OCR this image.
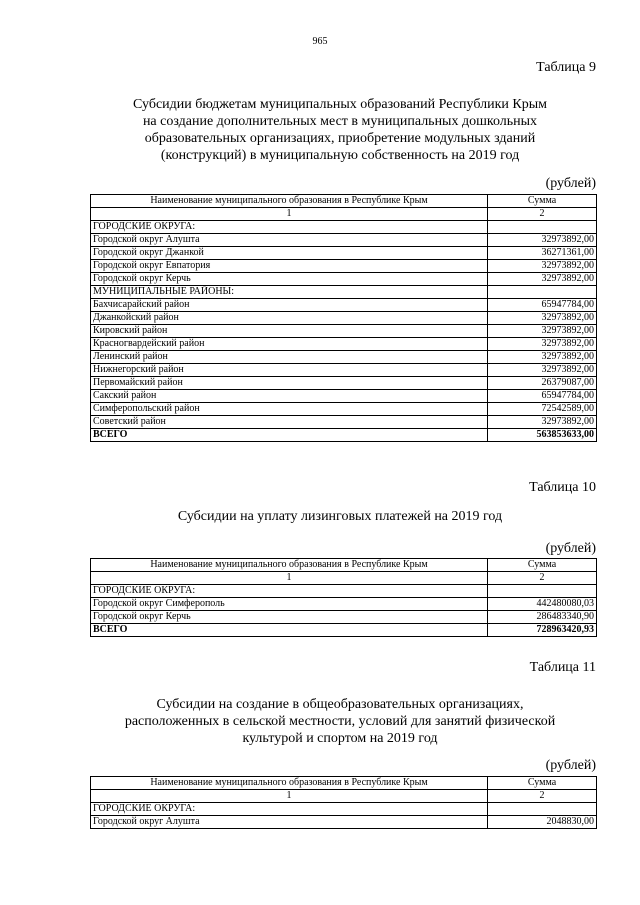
965
Таблица 9
Субсидии бюджетам муниципальных образований Республики Крым
на создание дополнительных мест в муниципальных дошкольных
образовательных организациях, приобретение модульных зданий
(конструкций) в муниципальную собственность на 2019 год
(рублей)
Наименование муниципального образования в Республике Крым	Сумма
1	2
ГОРОДСКИЕ ОКРУГА:	
Городской округ Алушта	32973892,00
Городской округ Джанкой	36271361,00
Городской округ Евпатория	32973892,00
Городской округ Керчь	32973892,00
МУНИЦИПАЛЬНЫЕ РАЙОНЫ:	
Бахчисарайский район	65947784,00
Джанкойский район	32973892,00
Кировский район	32973892,00
Красногвардейский район	32973892,00
Ленинский район	32973892,00
Нижнегорский район	32973892,00
Первомайский район	26379087,00
Сакский район	65947784,00
Симферопольский район	72542589,00
Советский район	32973892,00
ВСЕГО	563853633,00
Таблица 10
Субсидии на уплату лизинговых платежей на 2019 год
(рублей)
Наименование муниципального образования в Республике Крым	Сумма
1	2
ГОРОДСКИЕ ОКРУГА:	
Городской округ Симферополь	442480080,03
Городской округ Керчь	286483340,90
ВСЕГО	728963420,93
Таблица 11
Субсидии на создание в общеобразовательных организациях,
расположенных в сельской местности, условий для занятий физической
культурой и спортом на 2019 год
(рублей)
Наименование муниципального образования в Республике Крым	Сумма
1	2
ГОРОДСКИЕ ОКРУГА:	
Городской округ Алушта	2048830,00
